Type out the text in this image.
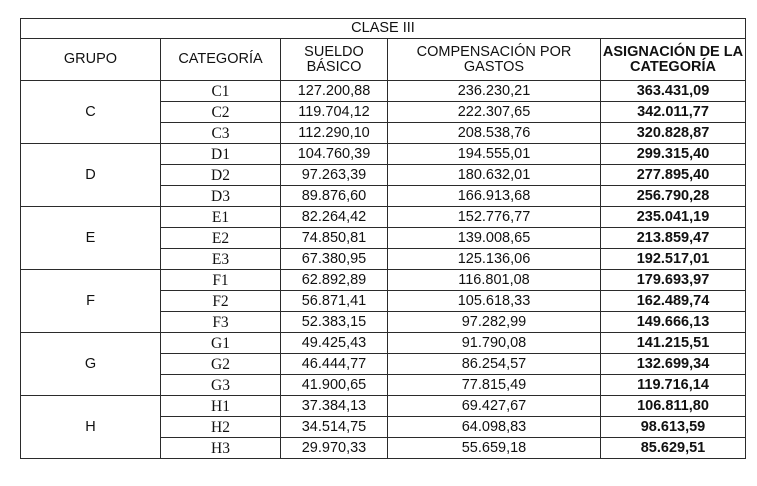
CLASE III				
GRUPO	CATEGORÍA	SUELDO BÁSICO	COMPENSACIÓN POR GASTOS	ASIGNACIÓN DE LA CATEGORÍA
C	C1	127.200,88	236.230,21	363.431,09
	C2	119.704,12	222.307,65	342.011,77
	C3	112.290,10	208.538,76	320.828,87
D	D1	104.760,39	194.555,01	299.315,40
	D2	97.263,39	180.632,01	277.895,40
	D3	89.876,60	166.913,68	256.790,28
E	E1	82.264,42	152.776,77	235.041,19
	E2	74.850,81	139.008,65	213.859,47
	E3	67.380,95	125.136,06	192.517,01
F	F1	62.892,89	116.801,08	179.693,97
	F2	56.871,41	105.618,33	162.489,74
	F3	52.383,15	97.282,99	149.666,13
G	G1	49.425,43	91.790,08	141.215,51
	G2	46.444,77	86.254,57	132.699,34
	G3	41.900,65	77.815,49	119.716,14
H	H1	37.384,13	69.427,67	106.811,80
	H2	34.514,75	64.098,83	98.613,59
	H3	29.970,33	55.659,18	85.629,51
